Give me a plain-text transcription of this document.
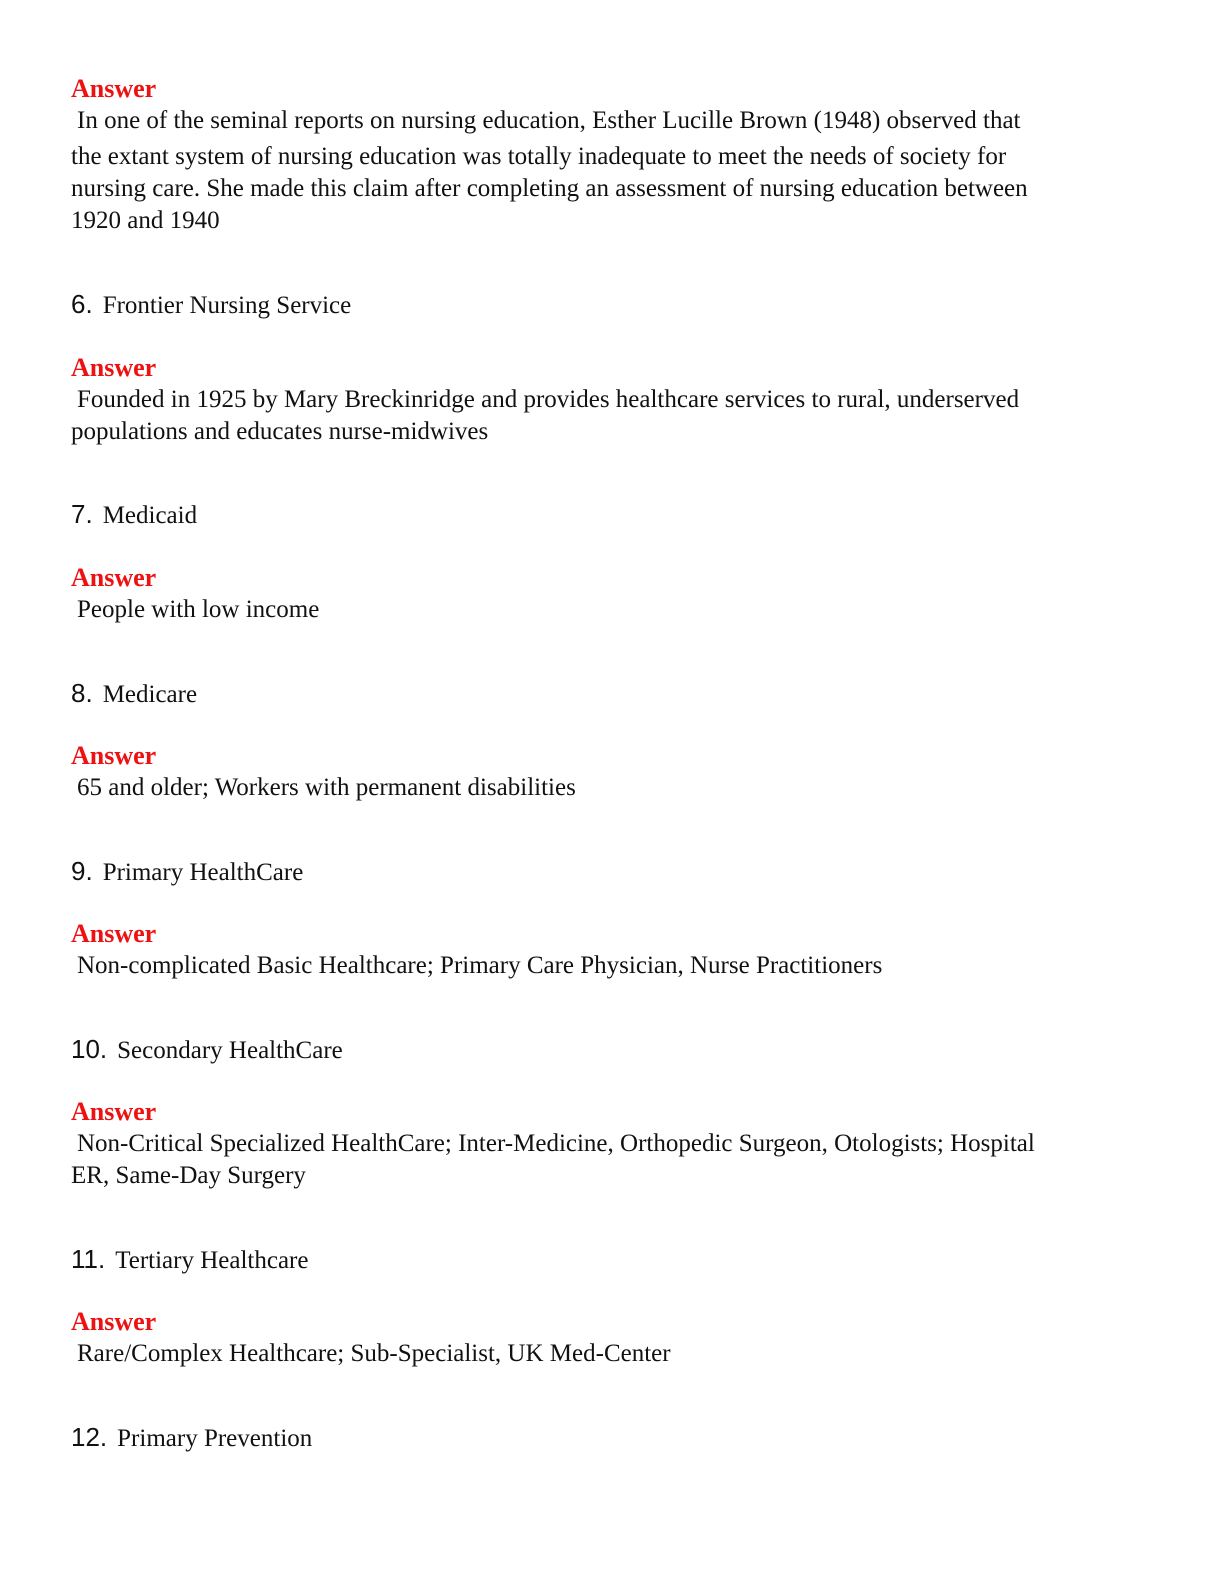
Answer
In one of the seminal reports on nursing education, Esther Lucille Brown (1948) observed that
the extant system of nursing education was totally inadequate to meet the needs of society for
nursing care. She made this claim after completing an assessment of nursing education between
1920 and 1940
6. Frontier Nursing Service
Answer
Founded in 1925 by Mary Breckinridge and provides healthcare services to rural, underserved
populations and educates nurse-midwives
7. Medicaid
Answer
People with low income
8. Medicare
Answer
65 and older; Workers with permanent disabilities
9. Primary HealthCare
Answer
Non-complicated Basic Healthcare; Primary Care Physician, Nurse Practitioners
10. Secondary HealthCare
Answer
Non-Critical Specialized HealthCare; Inter-Medicine, Orthopedic Surgeon, Otologists; Hospital
ER, Same-Day Surgery
11. Tertiary Healthcare
Answer
Rare/Complex Healthcare; Sub-Specialist, UK Med-Center
12. Primary Prevention
